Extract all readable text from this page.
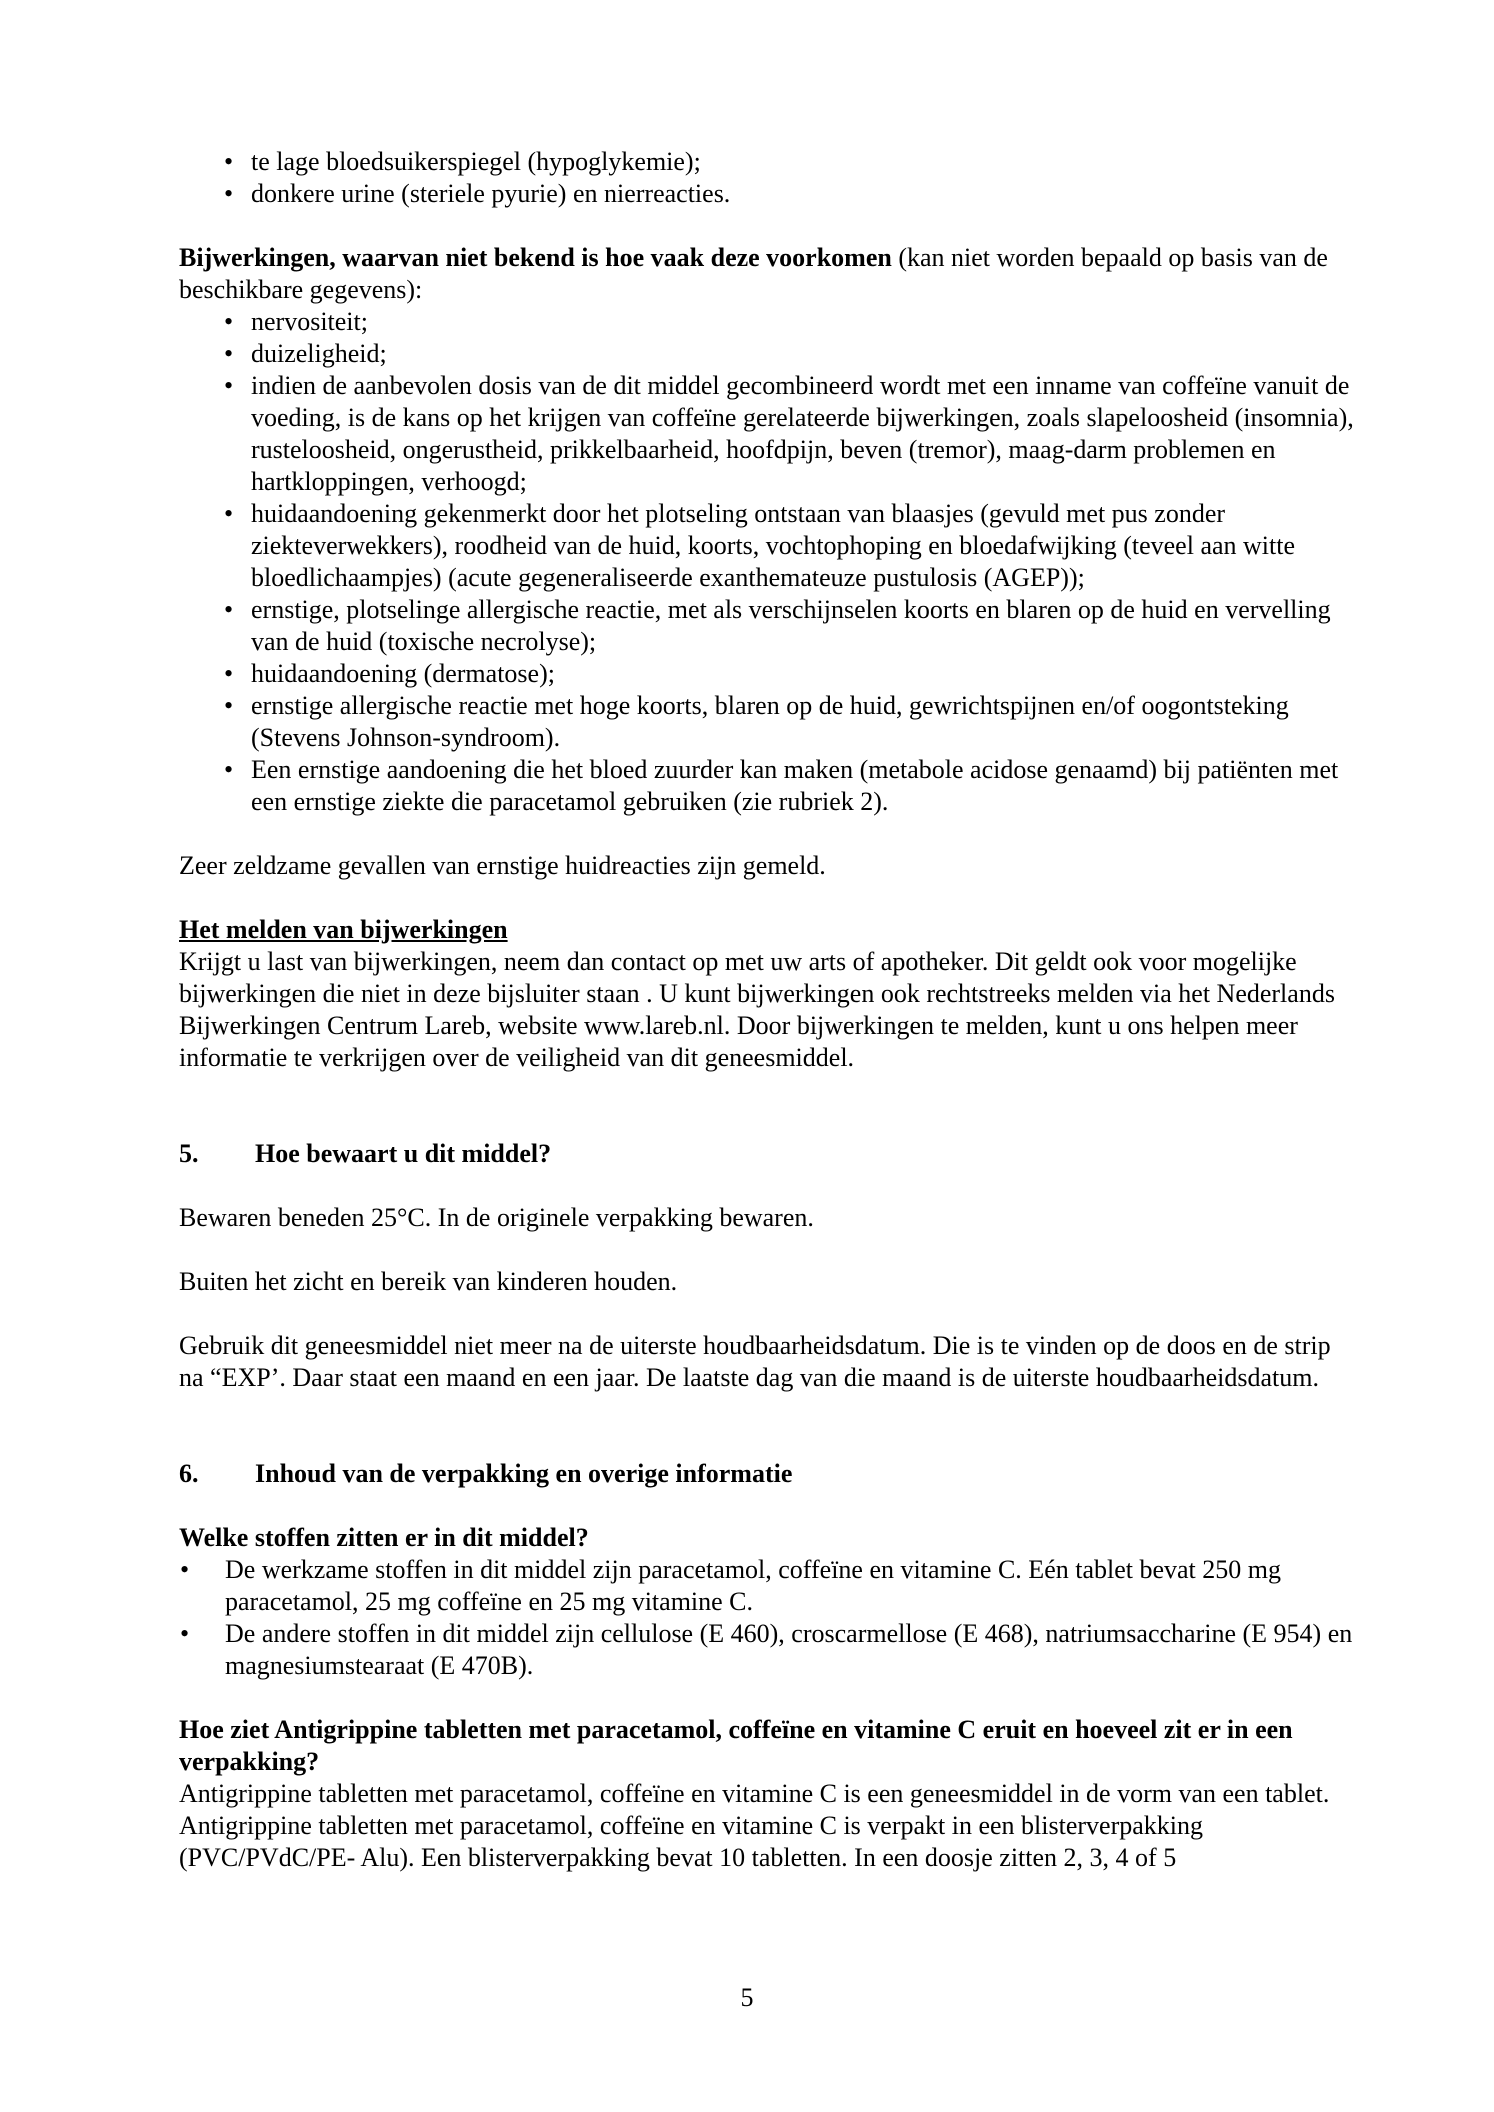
• te lage bloedsuikerspiegel (hypoglykemie);
• donkere urine (steriele pyurie) en nierreacties.

Bijwerkingen, waarvan niet bekend is hoe vaak deze voorkomen (kan niet worden bepaald op basis van de beschikbare gegevens):

• nervositeit;
• duizeligheid;
• indien de aanbevolen dosis van de dit middel gecombineerd wordt met een inname van coffeïne vanuit de voeding, is de kans op het krijgen van coffeïne gerelateerde bijwerkingen, zoals slapeloosheid (insomnia), rusteloosheid, ongerustheid, prikkelbaarheid, hoofdpijn, beven (tremor), maag-darm problemen en hartkloppingen, verhoogd;
• huidaandoening gekenmerkt door het plotseling ontstaan van blaasjes (gevuld met pus zonder ziekteverwekkers), roodheid van de huid, koorts, vochtophoping en bloedafwijking (teveel aan witte bloedlichaampjes) (acute gegeneraliseerde exanthemateuze pustulosis (AGEP));
• ernstige, plotselinge allergische reactie, met als verschijnselen koorts en blaren op de huid en vervelling van de huid (toxische necrolyse);
• huidaandoening (dermatose);
• ernstige allergische reactie met hoge koorts, blaren op de huid, gewrichtspijnen en/of oogontsteking (Stevens Johnson-syndroom).
• Een ernstige aandoening die het bloed zuurder kan maken (metabole acidose genaamd) bij patiënten met een ernstige ziekte die paracetamol gebruiken (zie rubriek 2).

Zeer zeldzame gevallen van ernstige huidreacties zijn gemeld.

Het melden van bijwerkingen

Krijgt u last van bijwerkingen, neem dan contact op met uw arts of apotheker. Dit geldt ook voor mogelijke bijwerkingen die niet in deze bijsluiter staan . U kunt bijwerkingen ook rechtstreeks melden via het Nederlands Bijwerkingen Centrum Lareb, website www.lareb.nl. Door bijwerkingen te melden, kunt u ons helpen meer informatie te verkrijgen over de veiligheid van dit geneesmiddel.

5.	Hoe bewaart u dit middel?

Bewaren beneden 25°C. In de originele verpakking bewaren.

Buiten het zicht en bereik van kinderen houden.

Gebruik dit geneesmiddel niet meer na de uiterste houdbaarheidsdatum. Die is te vinden op de doos en de strip na “EXP’. Daar staat een maand en een jaar. De laatste dag van die maand is de uiterste houdbaarheidsdatum.

6.	Inhoud van de verpakking en overige informatie
Welke stoffen zitten er in dit middel?
• De werkzame stoffen in dit middel zijn paracetamol, coffeïne en vitamine C. Eén tablet bevat 250 mg paracetamol, 25 mg coffeïne en 25 mg vitamine C.
• De andere stoffen in dit middel zijn cellulose (E 460), croscarmellose (E 468), natriumsaccharine (E 954) en magnesiumstearaat (E 470B).
Hoe ziet Antigrippine tabletten met paracetamol, coffeïne en vitamine C eruit en hoeveel zit er in een verpakking?

Antigrippine tabletten met paracetamol, coffeïne en vitamine C is een geneesmiddel in de vorm van een tablet.

Antigrippine tabletten met paracetamol, coffeïne en vitamine C is verpakt in een blisterverpakking (PVC/PVdC/PE- Alu). Een blisterverpakking bevat 10 tabletten. In een doosje zitten 2, 3, 4 of 5

5
